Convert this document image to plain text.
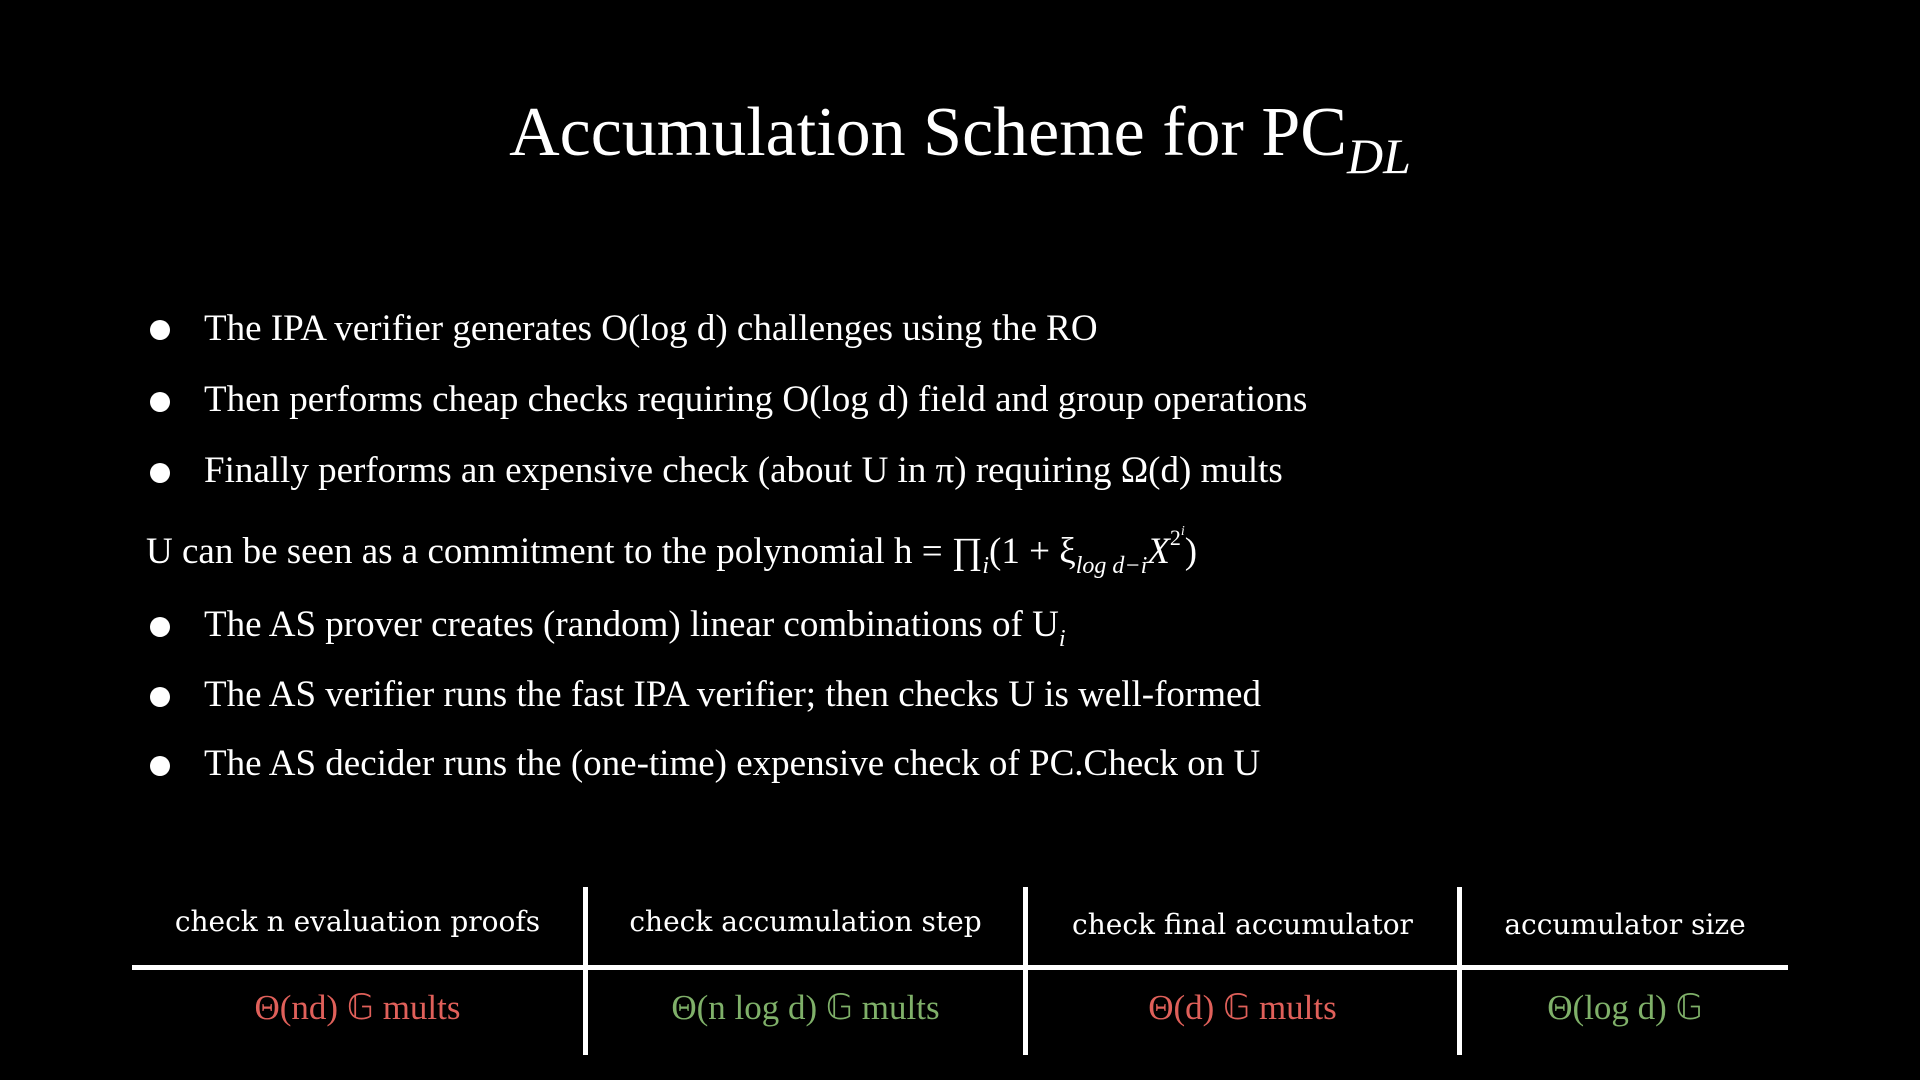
Accumulation Scheme for $PC_{DL}$
The IPA verifier generates O(log d) challenges using the RO
Then performs cheap checks requiring O(log d) field and group operations
Finally performs an expensive check (about U in π) requiring Ω(d) mults
U can be seen as a commitment to the polynomial $h = \prod_i(1 + \xi_{log d-i}X^{2i})$
The AS prover creates (random) linear combinations of $U_i$
The AS verifier runs the fast IPA verifier; then checks U is well-formed
The AS decider runs the (one-time) expensive check of PC.Check on U
check n evaluation proofs	check accumulation step	check final accumulator	accumulator size
Θ(nd) 𝔾 mults	Θ(n log d) 𝔾 mults	Θ(d) 𝔾 mults	Θ(log d) 𝔾
